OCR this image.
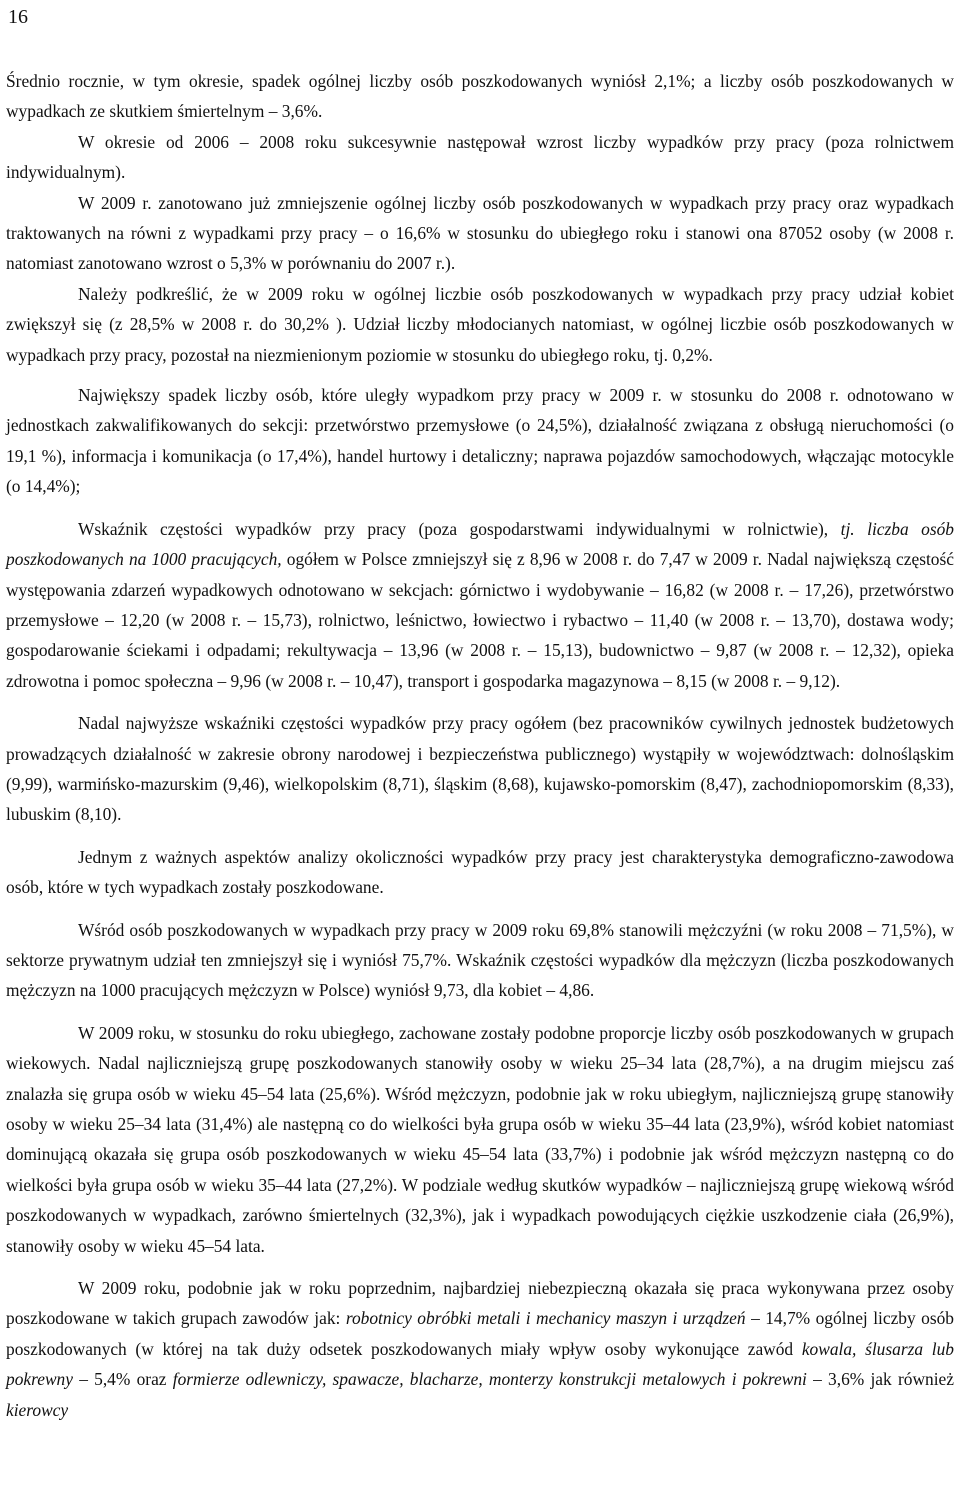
16

Średnio rocznie, w tym okresie, spadek ogólnej liczby osób poszkodowanych wyniósł 2,1%; a liczby osób poszkodowanych w wypadkach ze skutkiem śmiertelnym – 3,6%.

W okresie od 2006 – 2008 roku sukcesywnie następował wzrost liczby wypadków przy pracy (poza rolnictwem indywidualnym).

W 2009 r. zanotowano już zmniejszenie ogólnej liczby osób poszkodowanych w wypadkach przy pracy oraz wypadkach traktowanych na równi z wypadkami przy pracy – o 16,6% w stosunku do ubiegłego roku i stanowi ona 87052 osoby (w 2008 r. natomiast zanotowano wzrost o 5,3% w porównaniu do 2007 r.).

Należy podkreślić, że w 2009 roku w ogólnej liczbie osób poszkodowanych w wypadkach przy pracy udział kobiet zwiększył się (z 28,5% w 2008 r. do 30,2% ). Udział liczby młodocianych natomiast, w ogólnej liczbie osób poszkodowanych w wypadkach przy pracy, pozostał na niezmienionym poziomie w stosunku do ubiegłego roku, tj. 0,2%.

Największy spadek liczby osób, które uległy wypadkom przy pracy w 2009 r. w stosunku do 2008 r. odnotowano w jednostkach zakwalifikowanych do sekcji: przetwórstwo przemysłowe (o 24,5%), działalność związana z obsługą nieruchomości (o 19,1 %), informacja i komunikacja (o 17,4%), handel hurtowy i detaliczny; naprawa pojazdów samochodowych, włączając motocykle (o 14,4%);

Wskaźnik częstości wypadków przy pracy (poza gospodarstwami indywidualnymi w rolnictwie), tj. liczba osób poszkodowanych na 1000 pracujących, ogółem w Polsce zmniejszył się z 8,96 w 2008 r. do 7,47 w 2009 r. Nadal największą częstość występowania zdarzeń wypadkowych odnotowano w sekcjach: górnictwo i wydobywanie – 16,82 (w 2008 r. – 17,26), przetwórstwo przemysłowe – 12,20 (w 2008 r. – 15,73), rolnictwo, leśnictwo, łowiectwo i rybactwo – 11,40 (w 2008 r. – 13,70), dostawa wody; gospodarowanie ściekami i odpadami; rekultywacja – 13,96 (w 2008 r. – 15,13), budownictwo – 9,87 (w 2008 r. – 12,32), opieka zdrowotna i pomoc społeczna – 9,96 (w 2008 r. – 10,47), transport i gospodarka magazynowa – 8,15 (w 2008 r. – 9,12).

Nadal najwyższe wskaźniki częstości wypadków przy pracy ogółem (bez pracowników cywilnych jednostek budżetowych prowadzących działalność w zakresie obrony narodowej i bezpieczeństwa publicznego) wystąpiły w województwach: dolnośląskim (9,99), warmińsko-mazurskim (9,46), wielkopolskim (8,71), śląskim (8,68), kujawsko-pomorskim (8,47), zachodniopomorskim (8,33), lubuskim (8,10).

Jednym z ważnych aspektów analizy okoliczności wypadków przy pracy jest charakterystyka demograficzno-zawodowa osób, które w tych wypadkach zostały poszkodowane.

Wśród osób poszkodowanych w wypadkach przy pracy w 2009 roku 69,8% stanowili mężczyźni (w roku 2008 – 71,5%), w sektorze prywatnym udział ten zmniejszył się i wyniósł 75,7%. Wskaźnik częstości wypadków dla mężczyzn (liczba poszkodowanych mężczyzn na 1000 pracujących mężczyzn w Polsce) wyniósł 9,73, dla kobiet – 4,86.

W 2009 roku, w stosunku do roku ubiegłego, zachowane zostały podobne proporcje liczby osób poszkodowanych w grupach wiekowych. Nadal najliczniejszą grupę poszkodowanych stanowiły osoby w wieku 25–34 lata (28,7%), a na drugim miejscu zaś znalazła się grupa osób w wieku 45–54 lata (25,6%). Wśród mężczyzn, podobnie jak w roku ubiegłym, najliczniejszą grupę stanowiły osoby w wieku 25–34 lata (31,4%) ale następną co do wielkości była grupa osób w wieku 35–44 lata (23,9%), wśród kobiet natomiast dominującą okazała się grupa osób poszkodowanych w wieku 45–54 lata (33,7%) i podobnie jak wśród mężczyzn następną co do wielkości była grupa osób w wieku 35–44 lata (27,2%). W podziale według skutków wypadków – najliczniejszą grupę wiekową wśród poszkodowanych w wypadkach, zarówno śmiertelnych (32,3%), jak i wypadkach powodujących ciężkie uszkodzenie ciała (26,9%), stanowiły osoby w wieku 45–54 lata.

W 2009 roku, podobnie jak w roku poprzednim, najbardziej niebezpieczną okazała się praca wykonywana przez osoby poszkodowane w takich grupach zawodów jak: robotnicy obróbki metali i mechanicy maszyn i urządzeń – 14,7% ogólnej liczby osób poszkodowanych (w której na tak duży odsetek poszkodowanych miały wpływ osoby wykonujące zawód kowala, ślusarza lub pokrewny – 5,4% oraz formierze odlewniczy, spawacze, blacharze, monterzy konstrukcji metalowych i pokrewni – 3,6% jak również kierowcy
